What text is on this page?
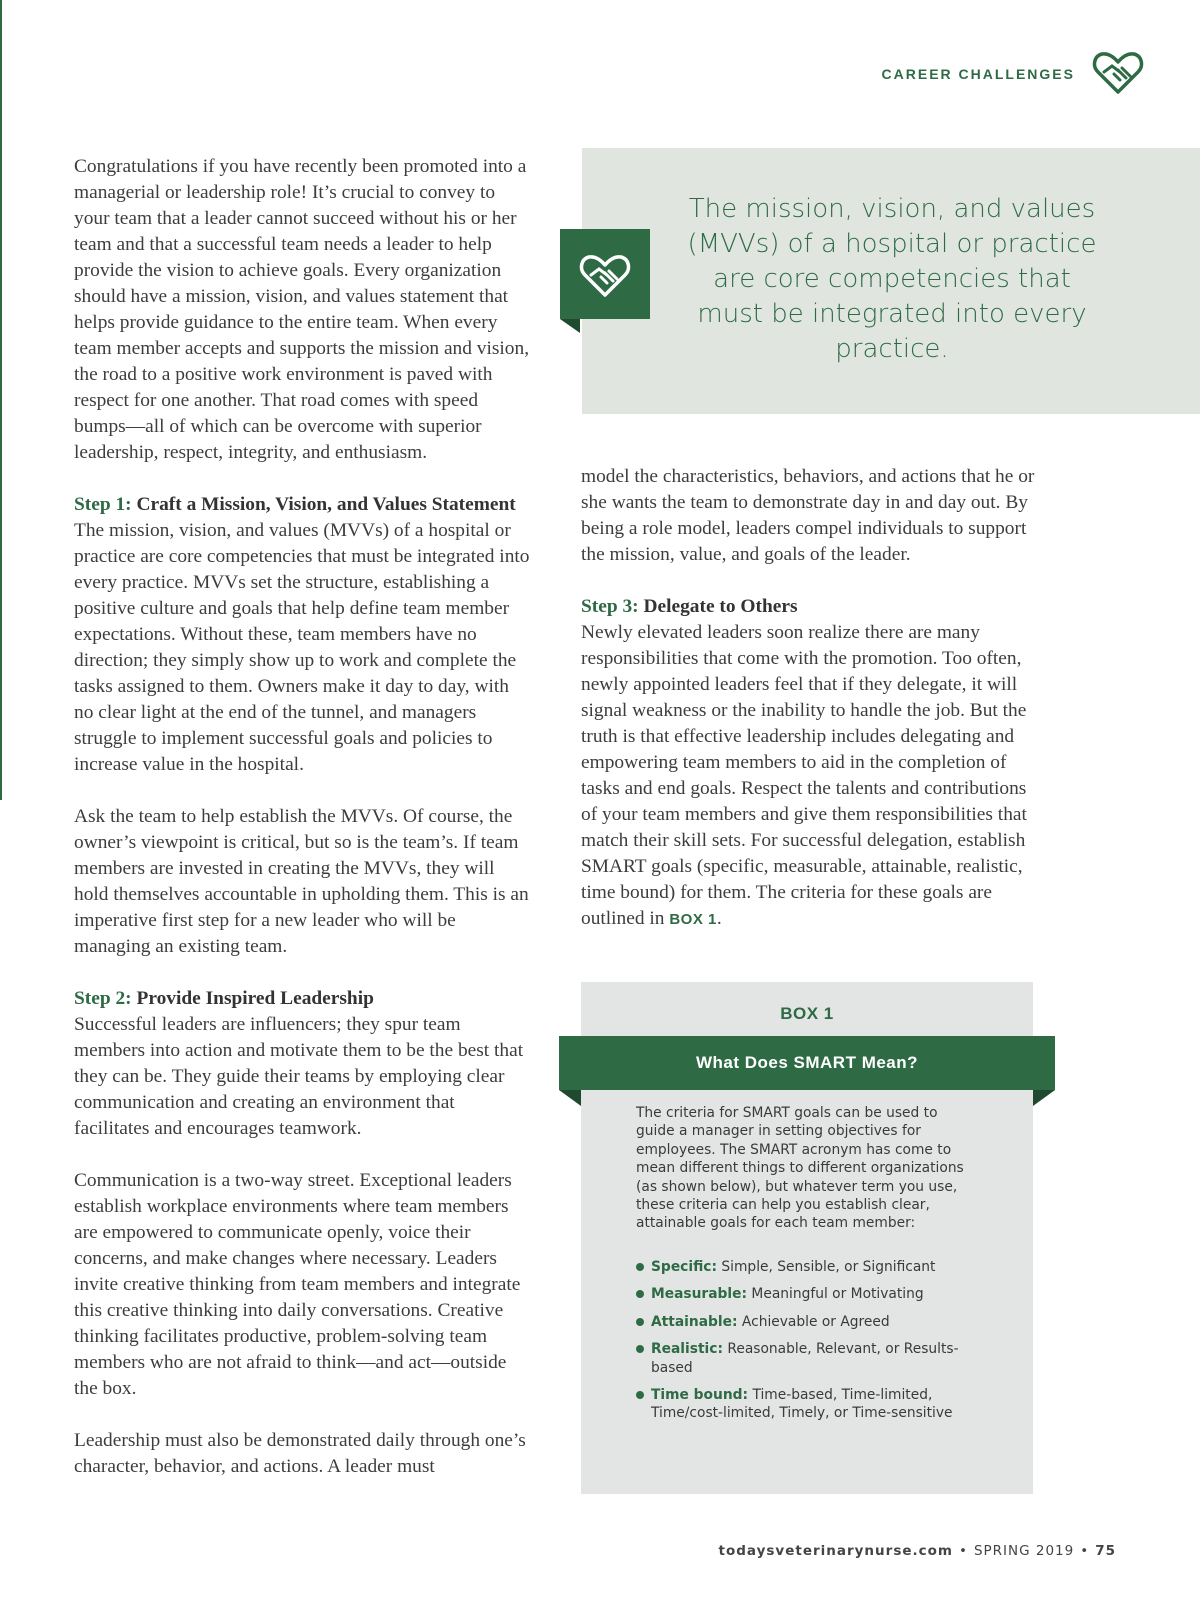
CAREER CHALLENGES

Congratulations if you have recently been promoted into a managerial or leadership role! It’s crucial to convey to your team that a leader cannot succeed without his or her team and that a successful team needs a leader to help provide the vision to achieve goals. Every organization should have a mission, vision, and values statement that helps provide guidance to the entire team. When every team member accepts and supports the mission and vision, the road to a positive work environment is paved with respect for one another. That road comes with speed bumps—all of which can be overcome with superior leadership, respect, integrity, and enthusiasm.

Step 1: Craft a Mission, Vision, and Values Statement

The mission, vision, and values (MVVs) of a hospital or practice are core competencies that must be integrated into every practice. MVVs set the structure, establishing a positive culture and goals that help define team member expectations. Without these, team members have no direction; they simply show up to work and complete the tasks assigned to them. Owners make it day to day, with no clear light at the end of the tunnel, and managers struggle to implement successful goals and policies to increase value in the hospital.

Ask the team to help establish the MVVs. Of course, the owner’s viewpoint is critical, but so is the team’s. If team members are invested in creating the MVVs, they will hold themselves accountable in upholding them. This is an imperative first step for a new leader who will be managing an existing team.

Step 2: Provide Inspired Leadership

Successful leaders are influencers; they spur team members into action and motivate them to be the best that they can be. They guide their teams by employing clear communication and creating an environment that facilitates and encourages teamwork.

Communication is a two-way street. Exceptional leaders establish workplace environments where team members are empowered to communicate openly, voice their concerns, and make changes where necessary. Leaders invite creative thinking from team members and integrate this creative thinking into daily conversations. Creative thinking facilitates productive, problem-solving team members who are not afraid to think—and act—outside the box.

Leadership must also be demonstrated daily through one’s character, behavior, and actions. A leader must

The mission, vision, and values (MVVs) of a hospital or practice are core competencies that must be integrated into every practice.

model the characteristics, behaviors, and actions that he or she wants the team to demonstrate day in and day out. By being a role model, leaders compel individuals to support the mission, value, and goals of the leader.

Step 3: Delegate to Others

Newly elevated leaders soon realize there are many responsibilities that come with the promotion. Too often, newly appointed leaders feel that if they delegate, it will signal weakness or the inability to handle the job. But the truth is that effective leadership includes delegating and empowering team members to aid in the completion of tasks and end goals. Respect the talents and contributions of your team members and give them responsibilities that match their skill sets. For successful delegation, establish SMART goals (specific, measurable, attainable, realistic, time bound) for them. The criteria for these goals are outlined in BOX 1.

BOX 1
What Does SMART Mean?
The criteria for SMART goals can be used to guide a manager in setting objectives for employees. The SMART acronym has come to mean different things to different organizations (as shown below), but whatever term you use, these criteria can help you establish clear, attainable goals for each team member:
Specific: Simple, Sensible, or Significant
Measurable: Meaningful or Motivating
Attainable: Achievable or Agreed
Realistic: Reasonable, Relevant, or Results-based
Time bound: Time-based, Time-limited, Time/cost-limited, Timely, or Time-sensitive
todaysveterinarynurse.com • SPRING 2019 • 75
